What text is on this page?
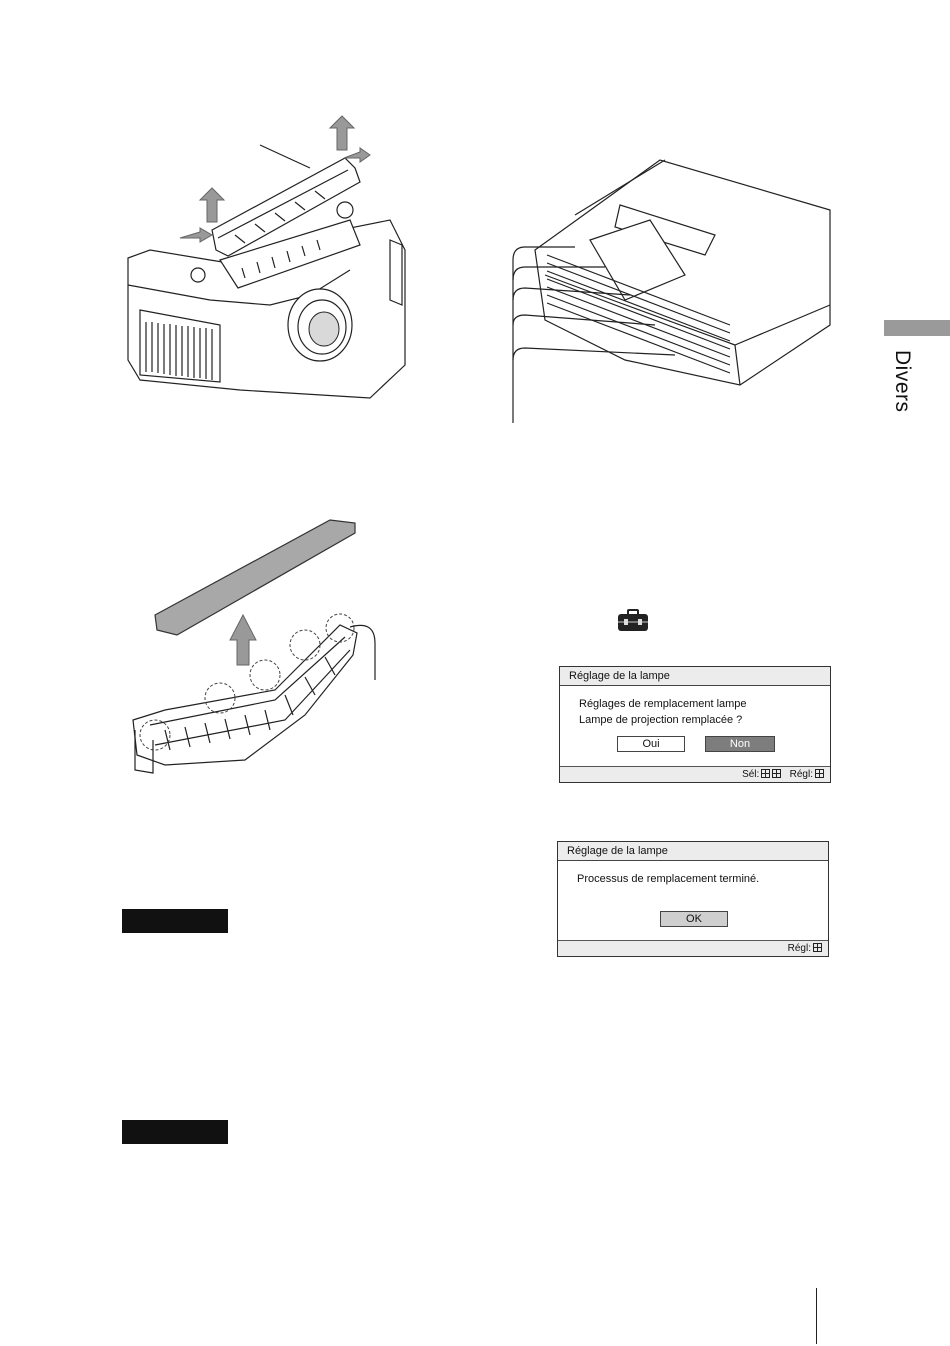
Divers
Réglage de la lampe
Réglages de remplacement lampe
Lampe de projection remplacée ?
Oui	Non
Sél:	Régl:
Réglage de la lampe
Processus de remplacement terminé.
OK
Régl:
